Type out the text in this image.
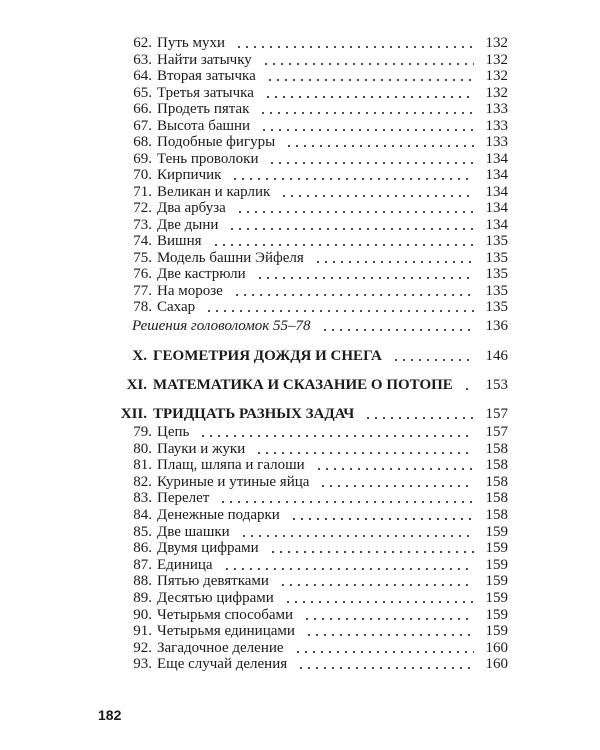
62. Путь мухи	132
63. Найти затычку	132
64. Вторая затычка	132
65. Третья затычка	132
66. Продеть пятак	133
67. Высота башни	133
68. Подобные фигуры	133
69. Тень проволоки	134
70. Кирпичик	134
71. Великан и карлик	134
72. Два арбуза	134
73. Две дыни	134
74. Вишня	135
75. Модель башни Эйфеля	135
76. Две кастрюли	135
77. На морозе	135
78. Сахар	135
Решения головоломок 55–78	136
X. ГЕОМЕТРИЯ ДОЖДЯ И СНЕГА	146
XI. МАТЕМАТИКА И СКАЗАНИЕ О ПОТОПЕ	153
XII. ТРИДЦАТЬ РАЗНЫХ ЗАДАЧ	157
79. Цепь	157
80. Пауки и жуки	158
81. Плащ, шляпа и галоши	158
82. Куриные и утиные яйца	158
83. Перелет	158
84. Денежные подарки	158
85. Две шашки	159
86. Двумя цифрами	159
87. Единица	159
88. Пятью девятками	159
89. Десятью цифрами	159
90. Четырьмя способами	159
91. Четырьмя единицами	159
92. Загадочное деление	160
93. Еще случай деления	160
182
